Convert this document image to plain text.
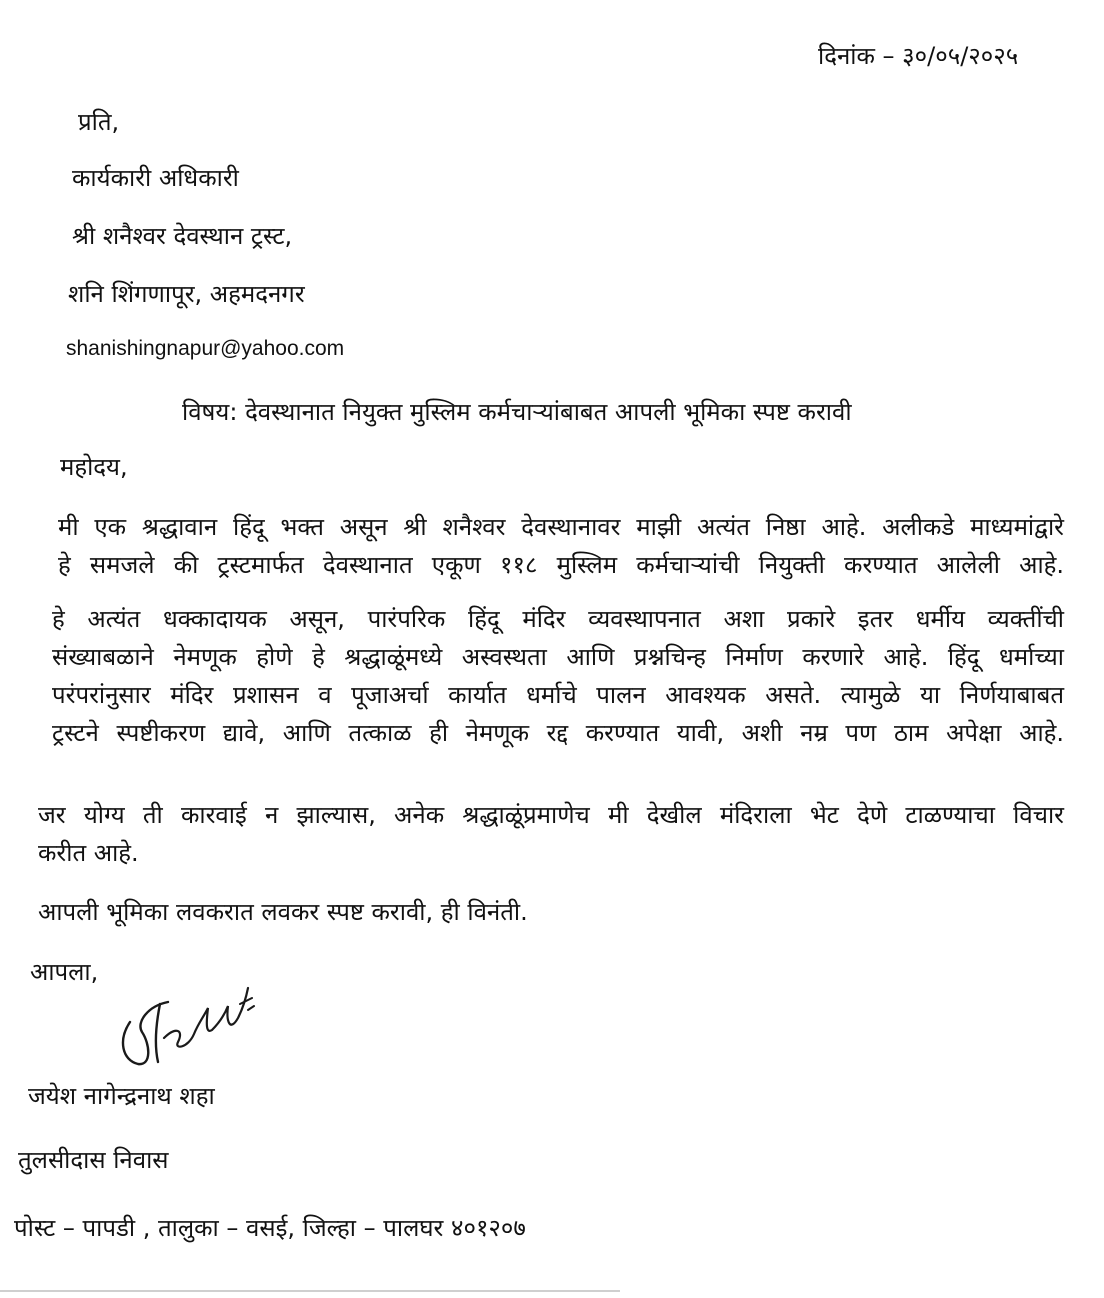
दिनांक – ३०/०५/२०२५
प्रति,
कार्यकारी अधिकारी
श्री शनैश्वर देवस्थान ट्रस्ट,
शनि शिंगणापूर, अहमदनगर
shanishingnapur@yahoo.com
विषय: देवस्थानात नियुक्त मुस्लिम कर्मचाऱ्यांबाबत आपली भूमिका स्पष्ट करावी
महोदय,
मी एक श्रद्धावान हिंदू भक्त असून श्री शनैश्वर देवस्थानावर माझी अत्यंत निष्ठा आहे. अलीकडे माध्यमांद्वारे
हे समजले की ट्रस्टमार्फत देवस्थानात एकूण ११८ मुस्लिम कर्मचाऱ्यांची नियुक्ती करण्यात आलेली आहे.
हे अत्यंत धक्कादायक असून, पारंपरिक हिंदू मंदिर व्यवस्थापनात अशा प्रकारे इतर धर्मीय व्यक्तींची
संख्याबळाने नेमणूक होणे हे श्रद्धाळूंमध्ये अस्वस्थता आणि प्रश्नचिन्ह निर्माण करणारे आहे. हिंदू धर्माच्या
परंपरांनुसार मंदिर प्रशासन व पूजाअर्चा कार्यात धर्माचे पालन आवश्यक असते. त्यामुळे या निर्णयाबाबत
ट्रस्टने स्पष्टीकरण द्यावे, आणि तत्काळ ही नेमणूक रद्द करण्यात यावी, अशी नम्र पण ठाम अपेक्षा आहे.
जर योग्य ती कारवाई न झाल्यास, अनेक श्रद्धाळूंप्रमाणेच मी देखील मंदिराला भेट देणे टाळण्याचा विचार
करीत आहे.
आपली भूमिका लवकरात लवकर स्पष्ट करावी, ही विनंती.
आपला,
जयेश नागेन्द्रनाथ शहा
तुलसीदास निवास
पोस्ट – पापडी , तालुका – वसई, जिल्हा – पालघर ४०१२०७
